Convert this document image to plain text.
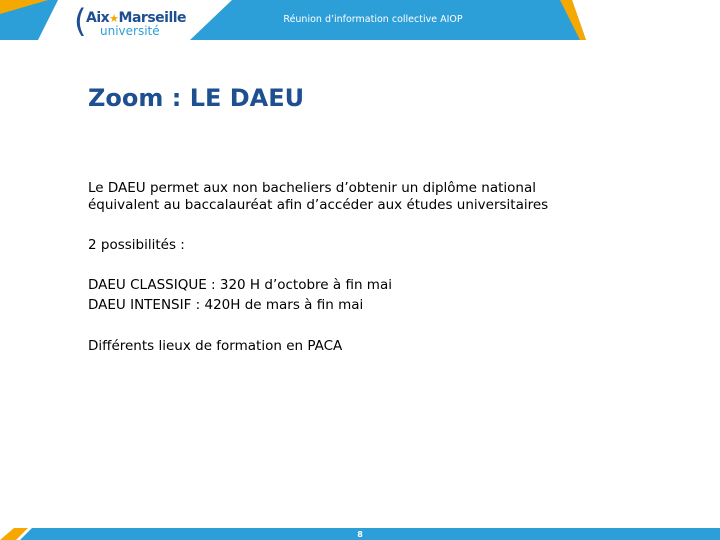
( Aix★Marseille
université
Réunion d’information collective AIOP
Zoom : LE DAEU
Le DAEU permet aux non bacheliers d’obtenir un diplôme national
équivalent au baccalauréat afin d’accéder aux études universitaires
2 possibilités :
DAEU CLASSIQUE : 320 H d’octobre à fin mai
DAEU INTENSIF : 420H de mars à fin mai
Différents lieux de formation en PACA
8
